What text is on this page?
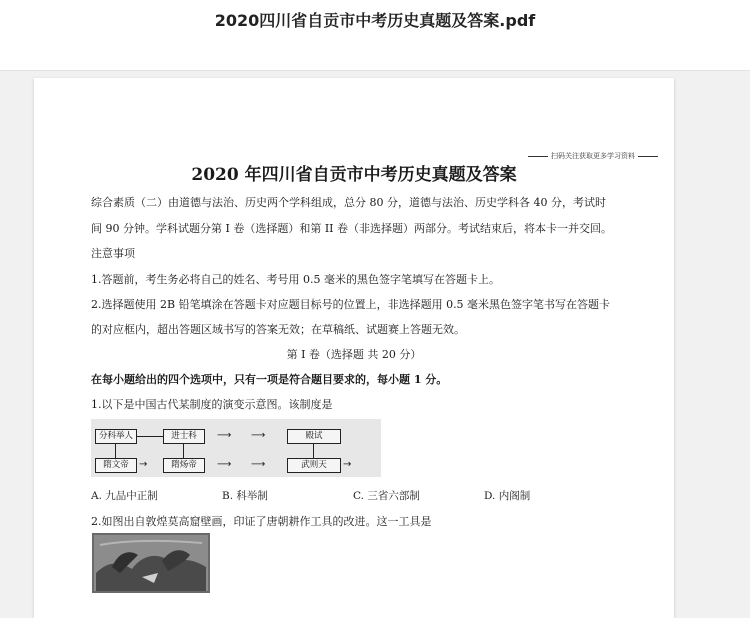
2020四川省自贡市中考历史真题及答案.pdf
扫码关注获取更多学习资料
2020 年四川省自贡市中考历史真题及答案
综合素质（二）由道德与法治、历史两个学科组成，总分 80 分，道德与法治、历史学科各 40 分，考试时
间 90 分钟。学科试题分第 I 卷（选择题）和第 II 卷（非选择题）两部分。考试结束后，将本卡一并交回。
注意事项
1.答题前，考生务必将自己的姓名、考号用 0.5 毫米的黑色签字笔填写在答题卡上。
2.选择题使用 2B 铅笔填涂在答题卡对应题目标号的位置上，非选择题用 0.5 毫米黑色签字笔书写在答题卡
的对应框内，超出答题区域书写的答案无效；在草稿纸、试题赛上答题无效。
第 I 卷（选择题 共 20 分）
在每小题给出的四个选项中，只有一项是符合题目要求的，每小题 1 分。
1.以下是中国古代某制度的演变示意图。该制度是
分科举人	进士科	⟶ ⟶	殿试
隋文帝	→	隋炀帝	⟶ ⟶	武则天	→
A. 九品中正制	B. 科举制	C. 三省六部制	D. 内阁制
2.如图出自敦煌莫高窟壁画，印证了唐朝耕作工具的改进。这一工具是
